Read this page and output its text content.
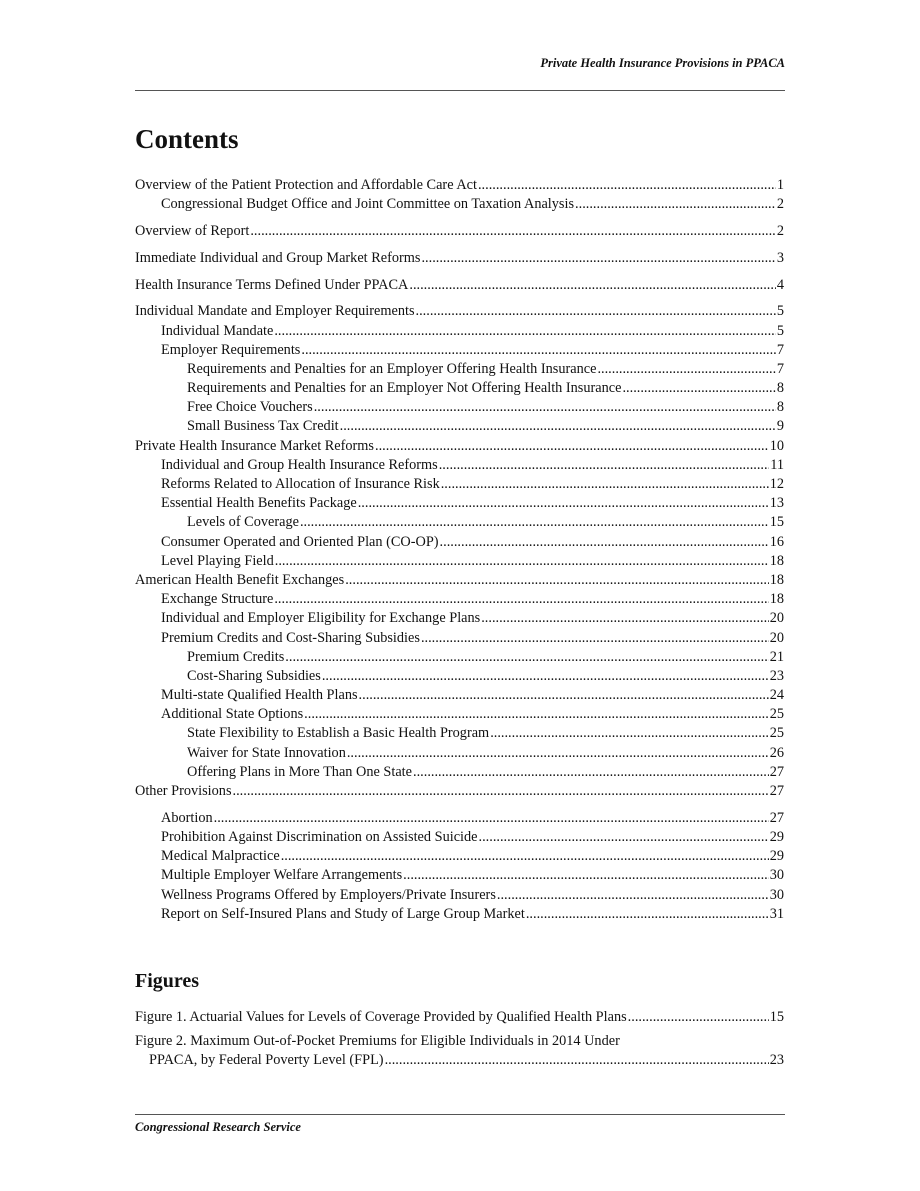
Private Health Insurance Provisions in PPACA
Contents
Overview of the Patient Protection and Affordable Care Act .....	1
Congressional Budget Office and Joint Committee on Taxation Analysis .....	2
Overview of Report .....	2
Immediate Individual and Group Market Reforms .....	3
Health Insurance Terms Defined Under PPACA .....	4
Individual Mandate and Employer Requirements .....	5
Individual Mandate .....	5
Employer Requirements .....	7
Requirements and Penalties for an Employer Offering Health Insurance .....	7
Requirements and Penalties for an Employer Not Offering Health Insurance .....	8
Free Choice Vouchers .....	8
Small Business Tax Credit .....	9
Private Health Insurance Market Reforms .....	10
Individual and Group Health Insurance Reforms .....	11
Reforms Related to Allocation of Insurance Risk .....	12
Essential Health Benefits Package .....	13
Levels of Coverage .....	15
Consumer Operated and Oriented Plan (CO-OP) .....	16
Level Playing Field .....	18
American Health Benefit Exchanges .....	18
Exchange Structure .....	18
Individual and Employer Eligibility for Exchange Plans .....	20
Premium Credits and Cost-Sharing Subsidies .....	20
Premium Credits .....	21
Cost-Sharing Subsidies .....	23
Multi-state Qualified Health Plans .....	24
Additional State Options .....	25
State Flexibility to Establish a Basic Health Program .....	25
Waiver for State Innovation .....	26
Offering Plans in More Than One State .....	27
Other Provisions .....	27
Abortion .....	27
Prohibition Against Discrimination on Assisted Suicide .....	29
Medical Malpractice .....	29
Multiple Employer Welfare Arrangements .....	30
Wellness Programs Offered by Employers/Private Insurers .....	30
Report on Self-Insured Plans and Study of Large Group Market .....	31
Figures
Figure 1. Actuarial Values for Levels of Coverage Provided by Qualified Health Plans .....	15
Figure 2. Maximum Out-of-Pocket Premiums for Eligible Individuals in 2014 Under
PPACA, by Federal Poverty Level (FPL) .....	23
Congressional Research Service
